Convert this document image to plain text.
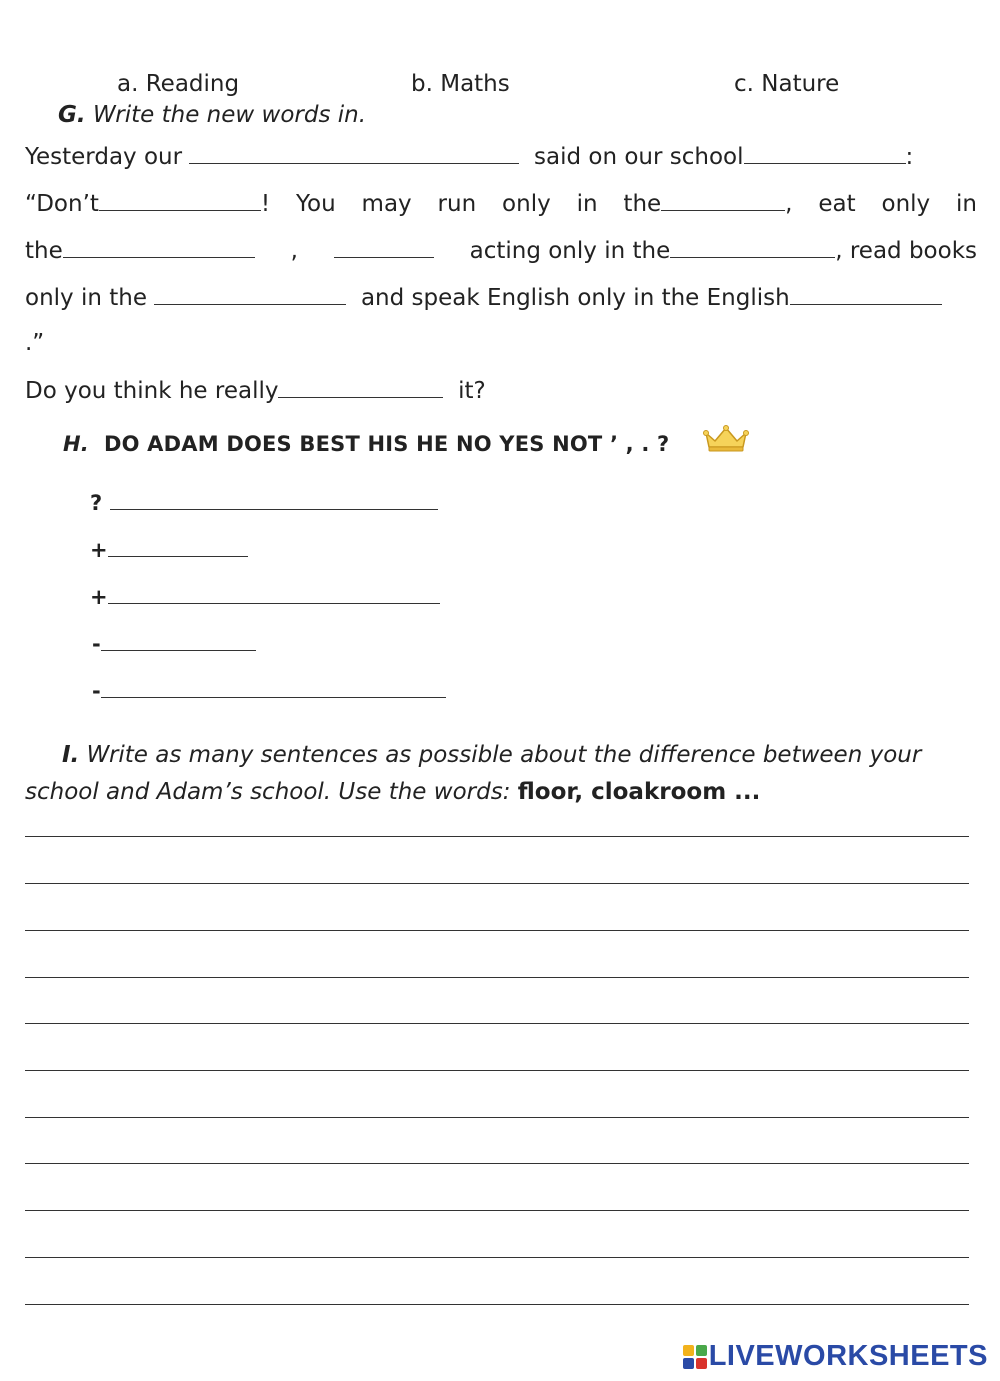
a. Reading	b. Maths	c. Nature
G. Write the new words in.
Yesterday our	said on our school	:
“Don’t	! You may run only in the	, eat only in
the	,	acting only in the	, read books
only in the	and speak English only in the English
.”
Do you think he really	it?
H. DO ADAM DOES BEST HIS HE NO YES NOT ’ , . ?
?
+
+
-
-
I. Write as many sentences as possible about the difference between your
school and Adam’s school. Use the words: floor, cloakroom ...
LIVEWORKSHEETS
